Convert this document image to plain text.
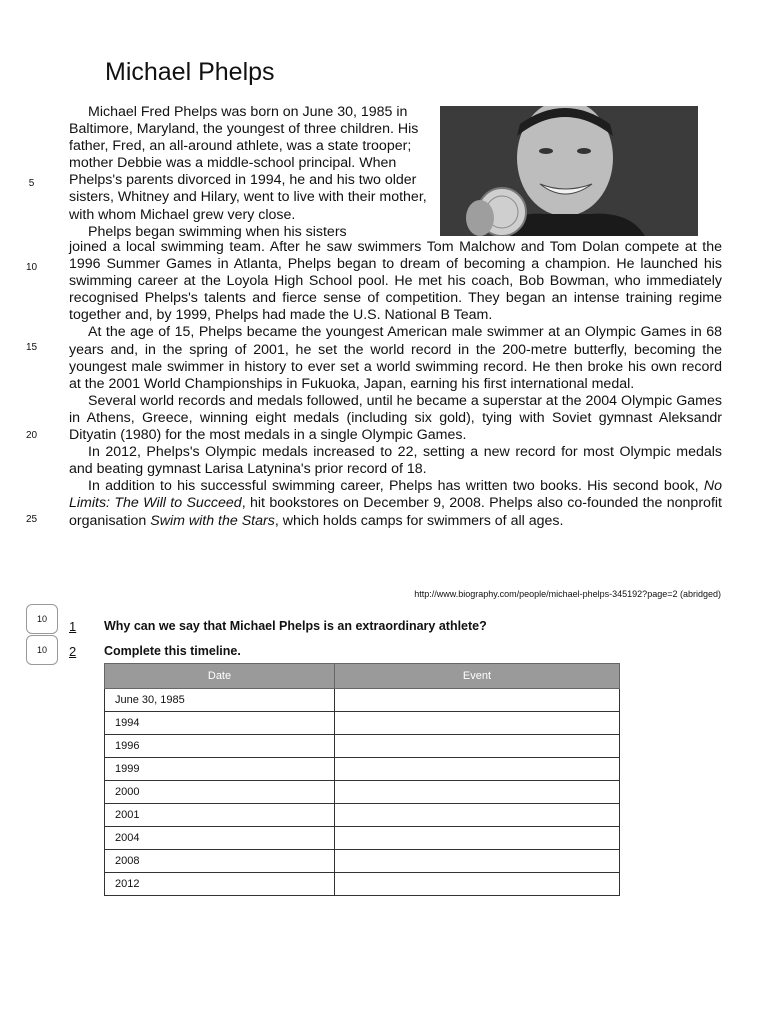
Michael Phelps

Michael Fred Phelps was born on June 30, 1985 in Baltimore, Maryland, the youngest of three children. His father, Fred, an all-around athlete, was a state trooper; mother Debbie was a middle-school principal. When Phelps's parents divorced in 1994, he and his two older sisters, Whitney and Hilary, went to live with their mother, with whom Michael grew very close.

Phelps began swimming when his sisters

joined a local swimming team. After he saw swimmers Tom Malchow and Tom Dolan compete at the 1996 Summer Games in Atlanta, Phelps began to dream of becoming a champion. He launched his swimming career at the Loyola High School pool. He met his coach, Bob Bowman, who immediately recognised Phelps's talents and fierce sense of competition. They began an intense training regime together and, by 1999, Phelps had made the U.S. National B Team.

At the age of 15, Phelps became the youngest American male swimmer at an Olympic Games in 68 years and, in the spring of 2001, he set the world record in the 200-metre butterfly, becoming the youngest male swimmer in history to ever set a world swimming record. He then broke his own record at the 2001 World Championships in Fukuoka, Japan, earning his first international medal.

Several world records and medals followed, until he became a superstar at the 2004 Olympic Games in Athens, Greece, winning eight medals (including six gold), tying with Soviet gymnast Aleksandr Dityatin (1980) for the most medals in a single Olympic Games.

In 2012, Phelps's Olympic medals increased to 22, setting a new record for most Olympic medals and beating gymnast Larisa Latynina's prior record of 18.

In addition to his successful swimming career, Phelps has written two books. His second book, No Limits: The Will to Succeed, hit bookstores on December 9, 2008. Phelps also co-founded the nonprofit organisation Swim with the Stars, which holds camps for swimmers of all ages.

5
10
15
20
25
http://www.biography.com/people/michael-phelps-345192?page=2 (abridged)
10	1 Why can we say that Michael Phelps is an extraordinary athlete?
10	2 Complete this timeline.
Date	Event
June 30, 1985	
1994	
1996	
1999	
2000	
2001	
2004	
2008	
2012	
